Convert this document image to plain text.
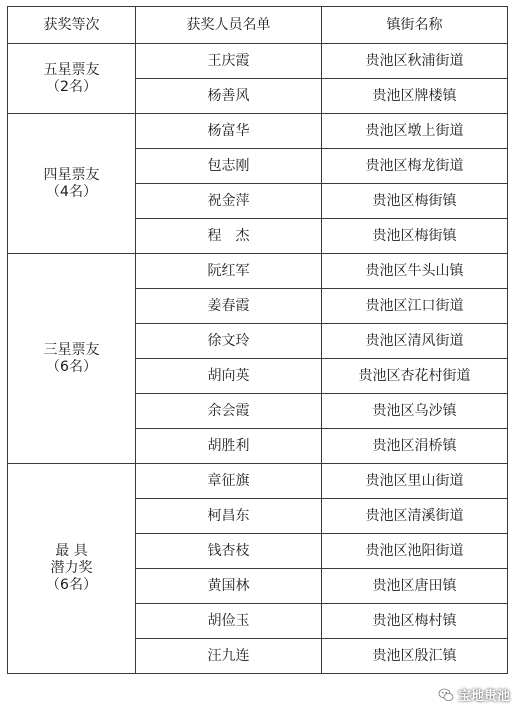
获奖等次	获奖人员名单	镇街名称

五星票友
（2名）	王庆霞	贵池区秋浦街道
	杨善风	贵池区牌楼镇

四星票友
（4名）	杨富华	贵池区墩上街道
	包志刚	贵池区梅龙街道
	祝金萍	贵池区梅街镇
	程　杰	贵池区梅街镇

三星票友
（6名）	阮红军	贵池区牛头山镇
	姜春霞	贵池区江口街道
	徐文玲	贵池区清风街道
	胡向英	贵池区杏花村街道
	余会霞	贵池区乌沙镇
	胡胜利	贵池区涓桥镇

最 具
潜力奖
（6名）	章征旗	贵池区里山街道
	柯昌东	贵池区清溪街道
	钱杏枝	贵池区池阳街道
	黄国林	贵池区唐田镇
	胡俭玉	贵池区梅村镇
	汪九连	贵池区殷汇镇
宝地贵池
